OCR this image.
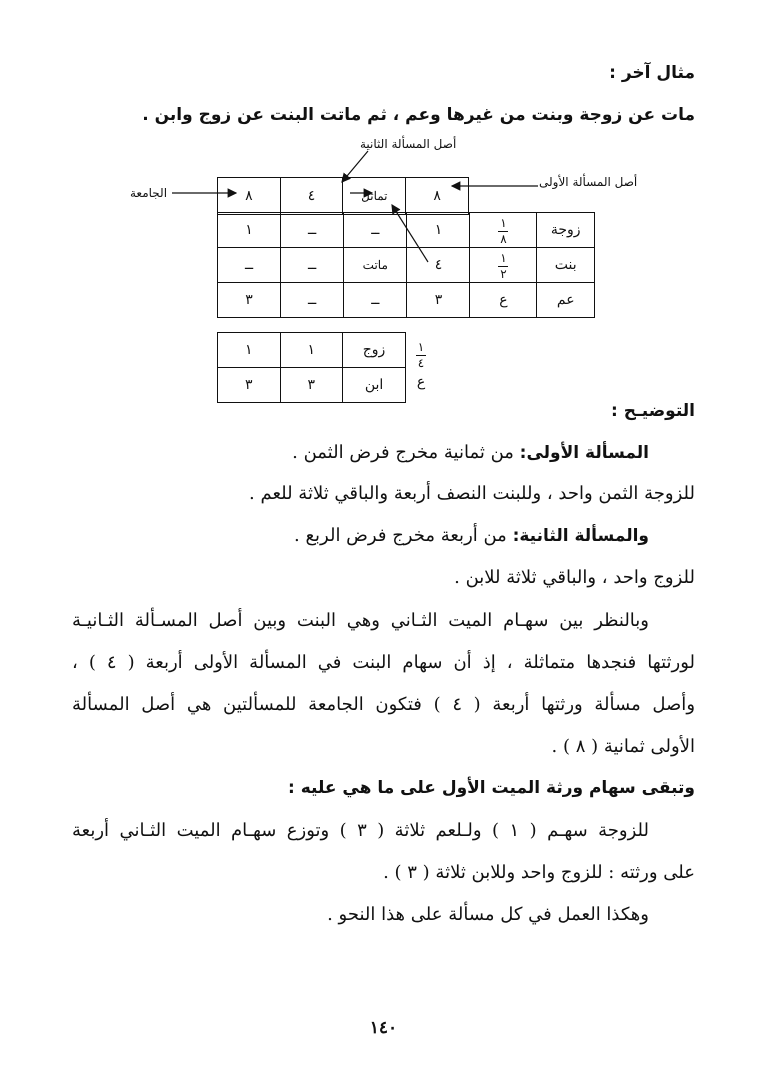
مثال آخر :
مات عن زوجة وبنت من غيرها وعم ، ثم ماتت البنت عن زوج وابن .
أصل المسألة الثانية
أصل المسألة الأولى
الجامعة	٨	تماثل	٤	٨
زوجة	$\frac{١}{٨}$	١	ــ	ــ	١
بنت	$\frac{١}{٢}$	٤	ماتت	ــ	ــ
عم	ع	٣	ــ	ــ	٣
$\frac{١}{٤}$
ع
زوج	١	١
ابن	٣	٣
التوضيـح :
المسألة الأولى: من ثمانية مخرج فرض الثمن .
للزوجة الثمن واحد ، وللبنت النصف أربعة والباقي ثلاثة للعم .
والمسألة الثانية: من أربعة مخرج فرض الربع .
للزوج واحد ، والباقي ثلاثة للابن .
وبالنظر بين سهـام الميت الثـاني وهي البنت وبين أصل المسـألة الثـانيـة
لورثتها فنجدها متماثلة ، إذ أن سهام البنت في المسألة الأولى أربعة ( ٤ ) ،
وأصل مسألة ورثتها أربعة ( ٤ ) فتكون الجامعة للمسألتين هي أصل المسألة
الأولى ثمانية ( ٨ ) .
وتبقى سهام ورثة الميت الأول على ما هي عليه :
للزوجة سهـم ( ١ ) ولـلعم ثلاثة ( ٣ ) وتوزع سهـام الميت الثـاني أربعة
على ورثته : للزوج واحد وللابن ثلاثة ( ٣ ) .
وهكذا العمل في كل مسألة على هذا النحو .
١٤٠
